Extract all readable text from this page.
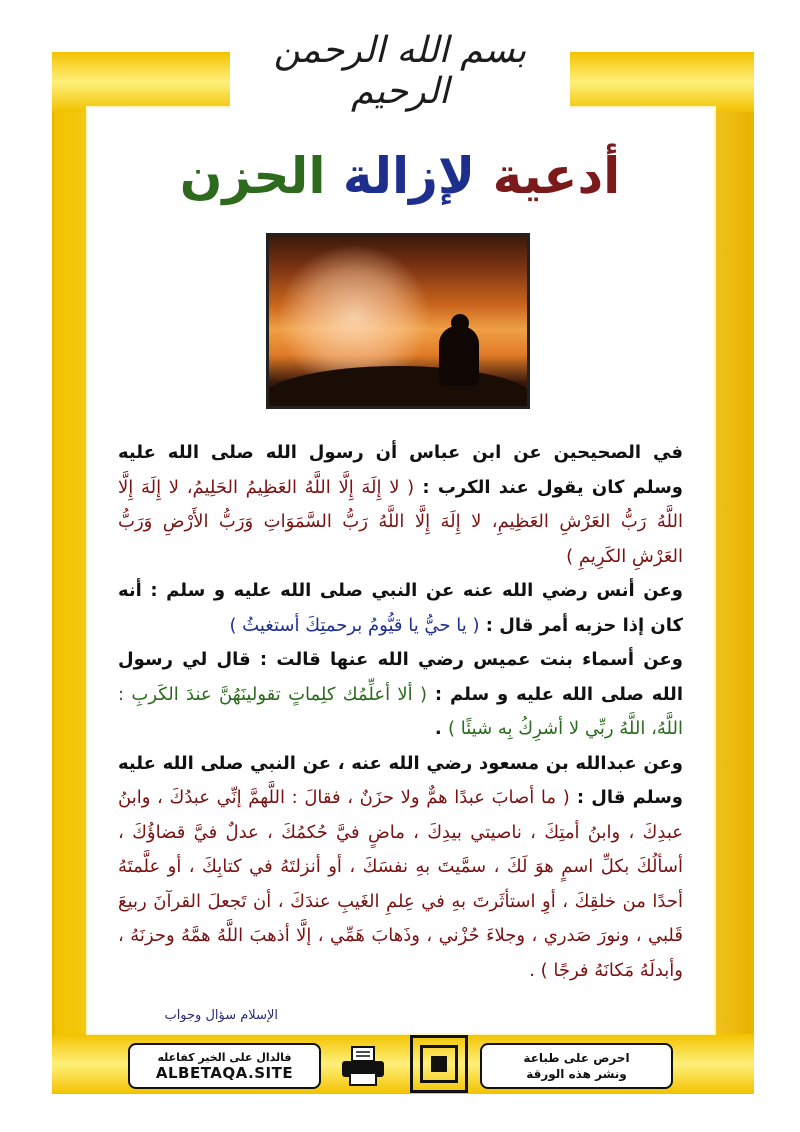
بسم الله الرحمن الرحيم
أدعية لإزالة الحزن

في الصحيحين عن ابن عباس أن رسول الله صلى الله عليه وسلم كان يقول عند الكرب : ( لا إِلَهَ إِلَّا اللَّهُ العَظِيمُ الحَلِيمُ، لا إِلَهَ إِلَّا اللَّهُ رَبُّ العَرْشِ العَظِيمِ، لا إِلَهَ إِلَّا اللَّهُ رَبُّ السَّمَوَاتِ وَرَبُّ الأَرْضِ وَرَبُّ العَرْشِ الكَرِيمِ )

وعن أنس رضي الله عنه عن النبي صلى الله عليه و سلم : أنه كان إذا حزبه أمر قال : ( يا حيُّ يا قيُّومُ برحمتِكَ أستغيثُ )

وعن أسماء بنت عميس رضي الله عنها قالت : قال لي رسول الله صلى الله عليه و سلم : ( ألا أعلِّمُك كلِماتٍ تقولينَهُنَّ عندَ الكَربِ : اللَّهُ، اللَّهُ ربِّي لا أشرِكُ بِه شيئًا ) .

وعن عبدالله بن مسعود رضي الله عنه ، عن النبي صلى الله عليه وسلم قال : ( ما أصابَ عبدًا همٌّ ولا حزَنٌ ، فقالَ : اللَّهمَّ إنِّي عبدُكَ ، وابنُ عبدِكَ ، وابنُ أمتِكَ ، ناصيتي بيدِكَ ، ماضٍ فيَّ حُكمُكَ ، عدلٌ فيَّ قضاؤُكَ ، أسألُكَ بكلِّ اسمٍ هوَ لَكَ ، سمَّيتَ بهِ نفسَكَ ، أو أنزلتَهُ في كتابِكَ ، أو علَّمتَهُ أحدًا من خلقِكَ ، أوِ استأثَرتَ بهِ في عِلمِ الغَيبِ عندَكَ ، أن تَجعلَ القرآنَ ربيعَ قَلبي ، ونورَ صَدري ، وجلاءَ حُزْني ، وذَهابَ هَمِّي ، إلَّا أذهبَ اللَّهُ همَّهُ وحزنَهُ ، وأبدلَهُ مَكانَهُ فرجًا ) .

الإسلام سؤال وجواب
فالدال على الخير كفاعله
ALBETAQA.SITE
احرص على طباعة
ونشر هذه الورقة
